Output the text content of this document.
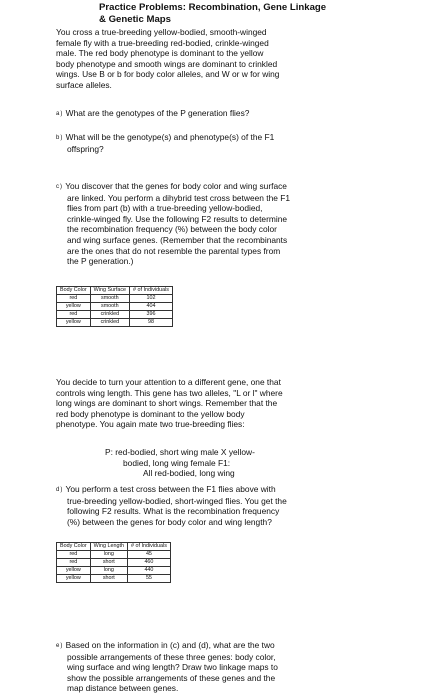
Practice Problems: Recombination, Gene Linkage
& Genetic Maps
You cross a true-breeding yellow-bodied, smooth-winged
female fly with a true-breeding red-bodied, crinkle-winged
male. The red body phenotype is dominant to the yellow
body phenotype and smooth wings are dominant to crinkled
wings. Use B or b for body color alleles, and W or w for wing
surface alleles.
a) What are the genotypes of the P generation flies?
b) What will be the genotype(s) and phenotype(s) of the F1
offspring?
c) You discover that the genes for body color and wing surface
are linked. You perform a dihybrid test cross between the F1
flies from part (b) with a true-breeding yellow-bodied,
crinkle-winged fly. Use the following F2 results to determine
the recombination frequency (%) between the body color
and wing surface genes. (Remember that the recombinants
are the ones that do not resemble the parental types from
the P generation.)
Body Color	Wing Surface	# of Individuals
red	smooth	102
yellow	smooth	404
red	crinkled	396
yellow	crinkled	98
You decide to turn your attention to a different gene, one that
controls wing length. This gene has two alleles, "L or l" where
long wings are dominant to short wings. Remember that the
red body phenotype is dominant to the yellow body
phenotype. You again mate two true-breeding flies:
P: red-bodied, short wing male X yellow-
bodied, long wing female F1:
All red-bodied, long wing
d) You perform a test cross between the F1 flies above with
true-breeding yellow-bodied, short-winged flies. You get the
following F2 results. What is the recombination frequency
(%) between the genes for body color and wing length?
Body Color	Wing Length	# of Individuals
red	long	45
red	short	460
yellow	long	440
yellow	short	55
e) Based on the information in (c) and (d), what are the two
possible arrangements of these three genes: body color,
wing surface and wing length? Draw two linkage maps to
show the possible arrangements of these genes and the
map distance between genes.
